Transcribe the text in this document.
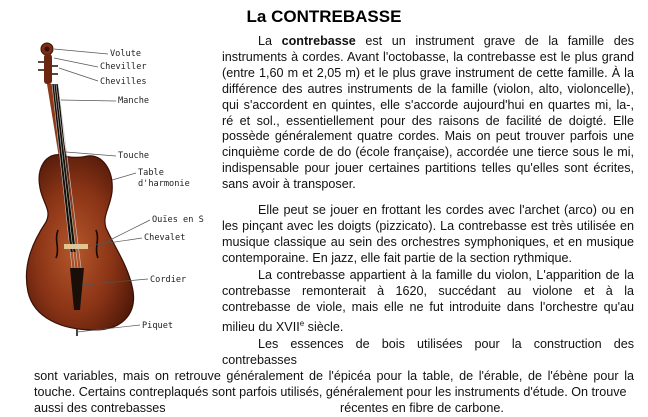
La CONTREBASSE
Volute
Cheviller
Chevilles
Manche
Touche
Table
d'harmonie
Ouïes en S
Chevalet
Cordier
Piquet

La contrebasse est un instrument grave de la famille des instruments à cordes. Avant l'octobasse, la contrebasse est le plus grand (entre 1,60 m et 2,05 m) et le plus grave instrument de cette famille. À la différence des autres instruments de la famille (violon, alto, violoncelle), qui s'accordent en quintes, elle s'accorde aujourd'hui en quartes mi, la-, ré et sol., essentiellement pour des raisons de facilité de doigté. Elle possède généralement quatre cordes. Mais on peut trouver parfois une cinquième corde de do (école française), accordée une tierce sous le mi, indispensable pour jouer certaines partitions telles qu'elles sont écrites, sans avoir à transposer.

Elle peut se jouer en frottant les cordes avec l'archet (arco) ou en les pinçant avec les doigts (pizzicato). La contrebasse est très utilisée en musique classique au sein des orchestres symphoniques, et en musique contemporaine. En jazz, elle fait partie de la section rythmique.

La contrebasse appartient à la famille du violon, L'apparition de la contrebasse remonterait à 1620, succédant au violone et à la contrebasse de viole, mais elle ne fut introduite dans l'orchestre qu'au milieu du XVIIe siècle.

Les essences de bois utilisées pour la construction des contrebasses
sont variables, mais on retrouve généralement de l'épicéa pour la table, de l'érable, de l'ébène pour la touche. Certains contreplaqués sont parfois utilisés, généralement pour les instruments d'étude. On trouve
aussi des contrebasses	récentes en fibre de carbone.
